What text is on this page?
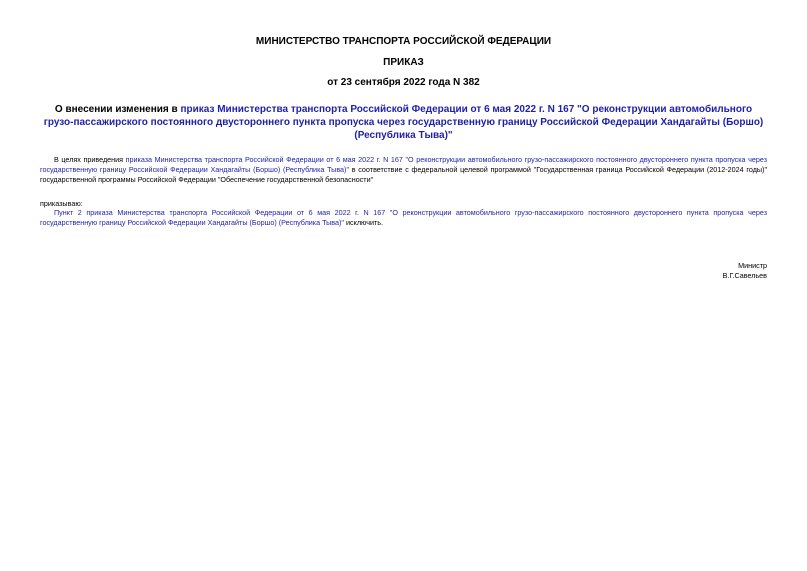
МИНИСТЕРСТВО ТРАНСПОРТА РОССИЙСКОЙ ФЕДЕРАЦИИ
ПРИКАЗ
от 23 сентября 2022 года N 382
О внесении изменения в приказ Министерства транспорта Российской Федерации от 6 мая 2022 г. N 167 "О реконструкции автомобильного грузо-пассажирского постоянного двустороннего пункта пропуска через государственную границу Российской Федерации Хандагайты (Боршо) (Республика Тыва)"
В целях приведения приказа Министерства транспорта Российской Федерации от 6 мая 2022 г. N 167 "О реконструкции автомобильного грузо-пассажирского постоянного двустороннего пункта пропуска через государственную границу Российской Федерации Хандагайты (Боршо) (Республика Тыва)" в соответствие с федеральной целевой программой "Государственная граница Российской Федерации (2012-2024 годы)" государственной программы Российской Федерации "Обеспечение государственной безопасности"
приказываю:
Пункт 2 приказа Министерства транспорта Российской Федерации от 6 мая 2022 г. N 167 "О реконструкции автомобильного грузо-пассажирского постоянного двустороннего пункта пропуска через государственную границу Российской Федерации Хандагайты (Боршо) (Республика Тыва)" исключить.
Министр
В.Г.Савельев
